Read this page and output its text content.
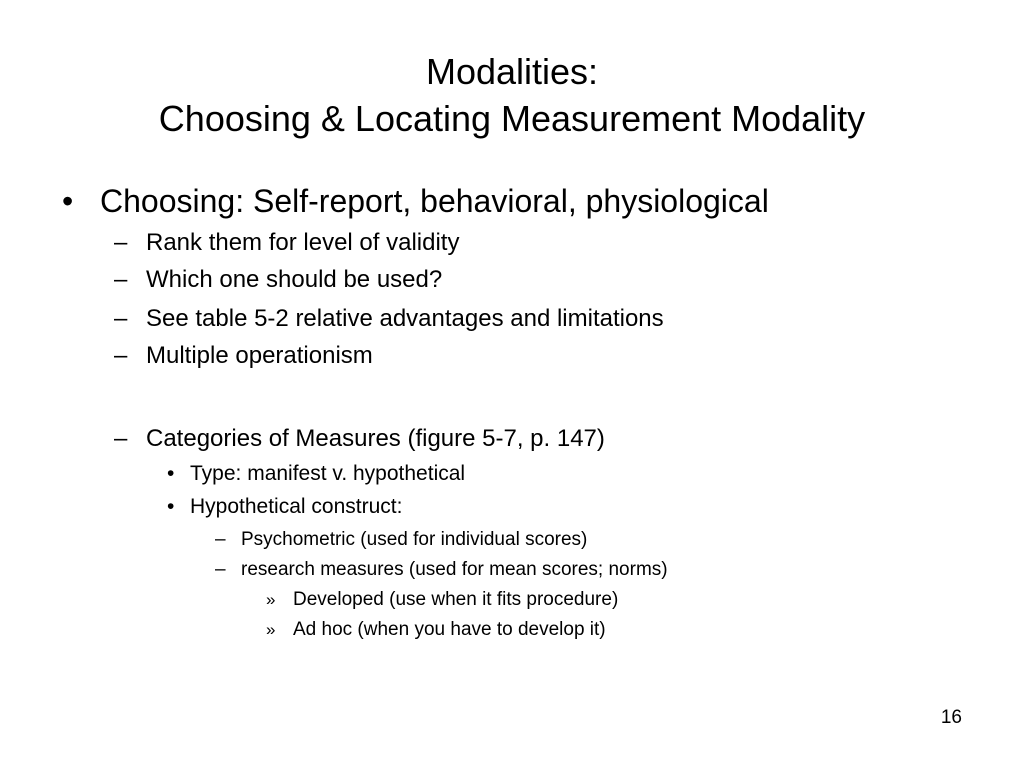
Modalities:
Choosing & Locating Measurement Modality
• Choosing: Self-report, behavioral, physiological
– Rank them for level of validity
– Which one should be used?
– See table 5-2 relative advantages and limitations
– Multiple operationism
– Categories of Measures (figure 5-7, p. 147)
• Type: manifest v. hypothetical
• Hypothetical construct:
– Psychometric (used for individual scores)
– research measures (used for mean scores; norms)
» Developed (use when it fits procedure)
» Ad hoc (when you have to develop it)
16
